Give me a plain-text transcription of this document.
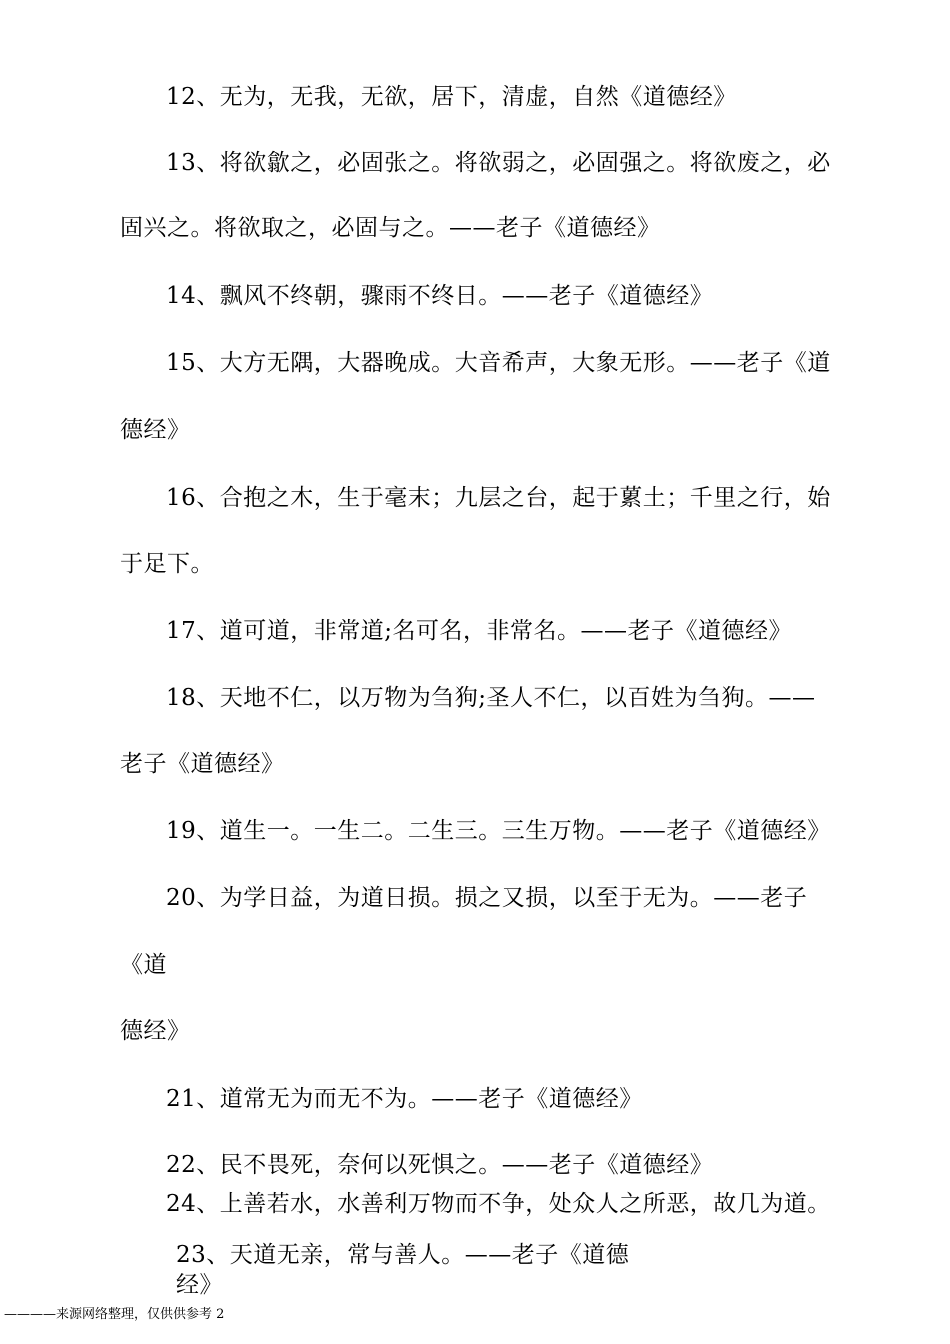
12、无为，无我，无欲，居下，清虚，自然《道德经》
13、将欲歙之，必固张之。将欲弱之，必固强之。将欲废之，必
固兴之。将欲取之，必固与之。——老子《道德经》
14、飘风不终朝，骤雨不终日。——老子《道德经》
15、大方无隅，大器晚成。大音希声，大象无形。——老子《道
德经》
16、合抱之木，生于毫末；九层之台，起于蔂土；千里之行，始
于足下。
17、道可道，非常道;名可名，非常名。——老子《道德经》
18、天地不仁，以万物为刍狗;圣人不仁，以百姓为刍狗。——
老子《道德经》
19、道生一。一生二。二生三。三生万物。——老子《道德经》
20、为学日益，为道日损。损之又损，以至于无为。——老子
《道
德经》
21、道常无为而无不为。——老子《道德经》
22、民不畏死，奈何以死惧之。——老子《道德经》
24、上善若水，水善利万物而不争，处众人之所恶，故几为道。
23、天道无亲，常与善人。——老子《道德
经》
————来源网络整理，仅供供参考 2
